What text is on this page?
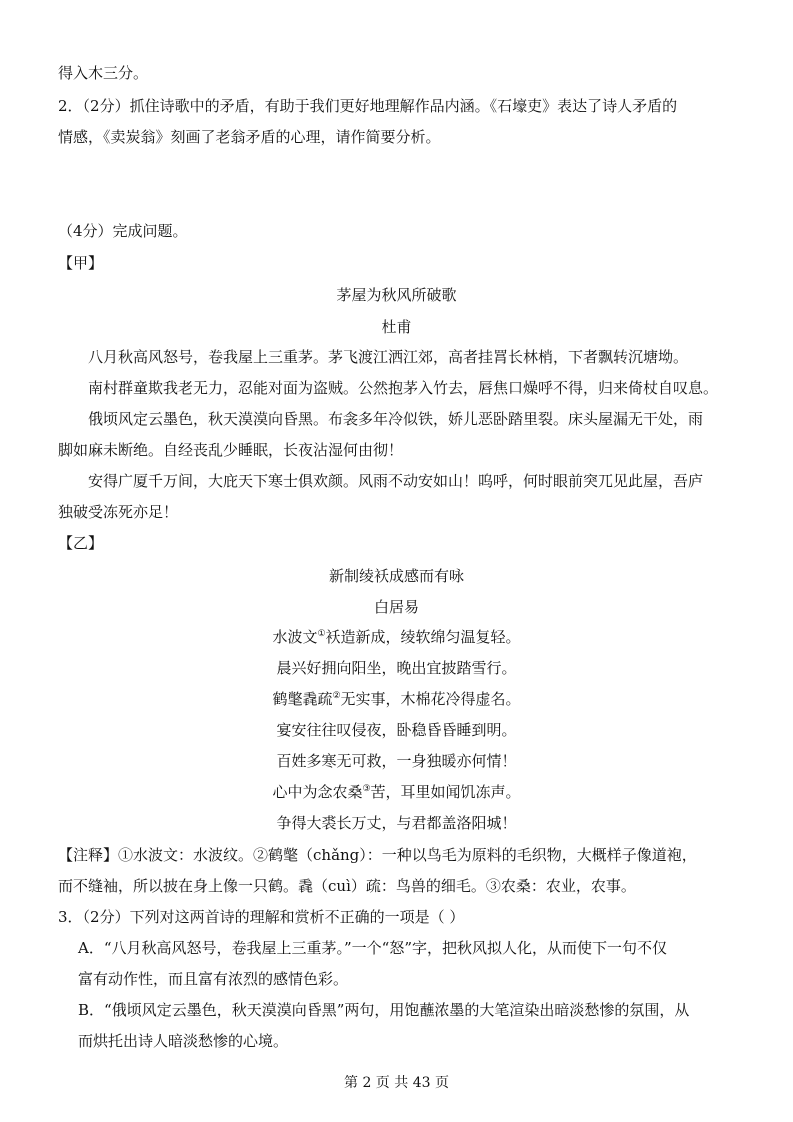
得入木三分。
2．（2分）抓住诗歌中的矛盾，有助于我们更好地理解作品内涵。《石壕吏》表达了诗人矛盾的
情感，《卖炭翁》刻画了老翁矛盾的心理，请作简要分析。
（4分）完成问题。
【甲】
茅屋为秋风所破歌
杜甫
八月秋高风怒号，卷我屋上三重茅。茅飞渡江洒江郊，高者挂罥长林梢，下者飘转沉塘坳。
南村群童欺我老无力，忍能对面为盗贼。公然抱茅入竹去，唇焦口燥呼不得，归来倚杖自叹息。
俄顷风定云墨色，秋天漠漠向昏黑。布衾多年冷似铁，娇儿恶卧踏里裂。床头屋漏无干处，雨
脚如麻未断绝。自经丧乱少睡眠，长夜沾湿何由彻！
安得广厦千万间，大庇天下寒士俱欢颜。风雨不动安如山！呜呼，何时眼前突兀见此屋，吾庐
独破受冻死亦足！
【乙】
新制绫袄成感而有咏
白居易
水波文①袄造新成，绫软绵匀温复轻。
晨兴好拥向阳坐，晚出宜披踏雪行。
鹤氅毳疏②无实事，木棉花冷得虚名。
宴安往往叹侵夜，卧稳昏昏睡到明。
百姓多寒无可救，一身独暖亦何情！
心中为念农桑③苦，耳里如闻饥冻声。
争得大裘长万丈，与君都盖洛阳城！
【注释】①水波文：水波纹。②鹤氅（chǎng）：一种以鸟毛为原料的毛织物，大概样子像道袍，
而不缝袖，所以披在身上像一只鹤。毳（cuì）疏：鸟兽的细毛。③农桑：农业，农事。
3．（2分）下列对这两首诗的理解和赏析不正确的一项是（ ）
A．“八月秋高风怒号，卷我屋上三重茅。”一个“怒”字，把秋风拟人化，从而使下一句不仅
富有动作性，而且富有浓烈的感情色彩。
B．“俄顷风定云墨色，秋天漠漠向昏黑”两句，用饱蘸浓墨的大笔渲染出暗淡愁惨的氛围，从
而烘托出诗人暗淡愁惨的心境。
第 2 页 共 43 页
